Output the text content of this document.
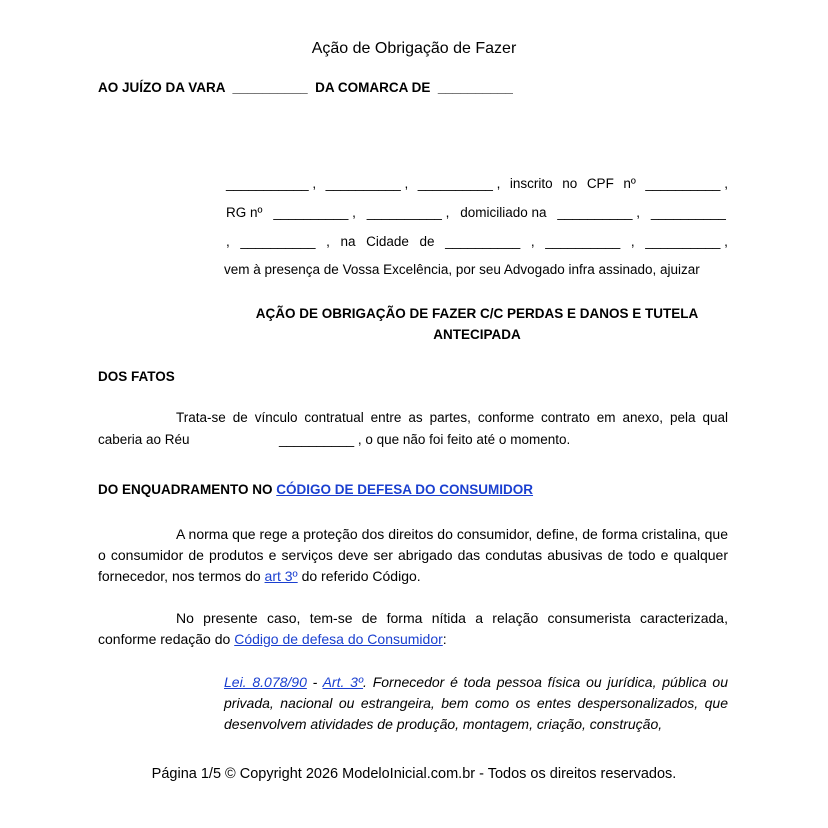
Ação de Obrigação de Fazer
AO JUÍZO DA VARA  __________  DA COMARCA DE  __________
___________ , __________ , __________ , inscrito no CPF nº __________ ,
RG nº __________ , __________ , domiciliado na __________ , __________
, __________ , na Cidade de __________ , __________ , __________ ,
vem à presença de Vossa Excelência, por seu Advogado infra assinado, ajuizar
AÇÃO DE OBRIGAÇÃO DE FAZER C/C PERDAS E DANOS E TUTELA
ANTECIPADA
DOS FATOS
Trata-se de vínculo contratual entre as partes, conforme contrato em anexo, pela qual
caberia ao Réu	__________ , o que não foi feito até o momento.
DO ENQUADRAMENTO NO CÓDIGO DE DEFESA DO CONSUMIDOR
A norma que rege a proteção dos direitos do consumidor, define, de forma cristalina, que o consumidor de produtos e serviços deve ser abrigado das condutas abusivas de todo e qualquer fornecedor, nos termos do art 3º do referido Código.
No presente caso, tem-se de forma nítida a relação consumerista caracterizada, conforme redação do Código de defesa do Consumidor:
Lei. 8.078/90 - Art. 3º. Fornecedor é toda pessoa física ou jurídica, pública ou privada, nacional ou estrangeira, bem como os entes despersonalizados, que desenvolvem atividades de produção, montagem, criação, construção,
Página 1/5 © Copyright 2026 ModeloInicial.com.br - Todos os direitos reservados.
